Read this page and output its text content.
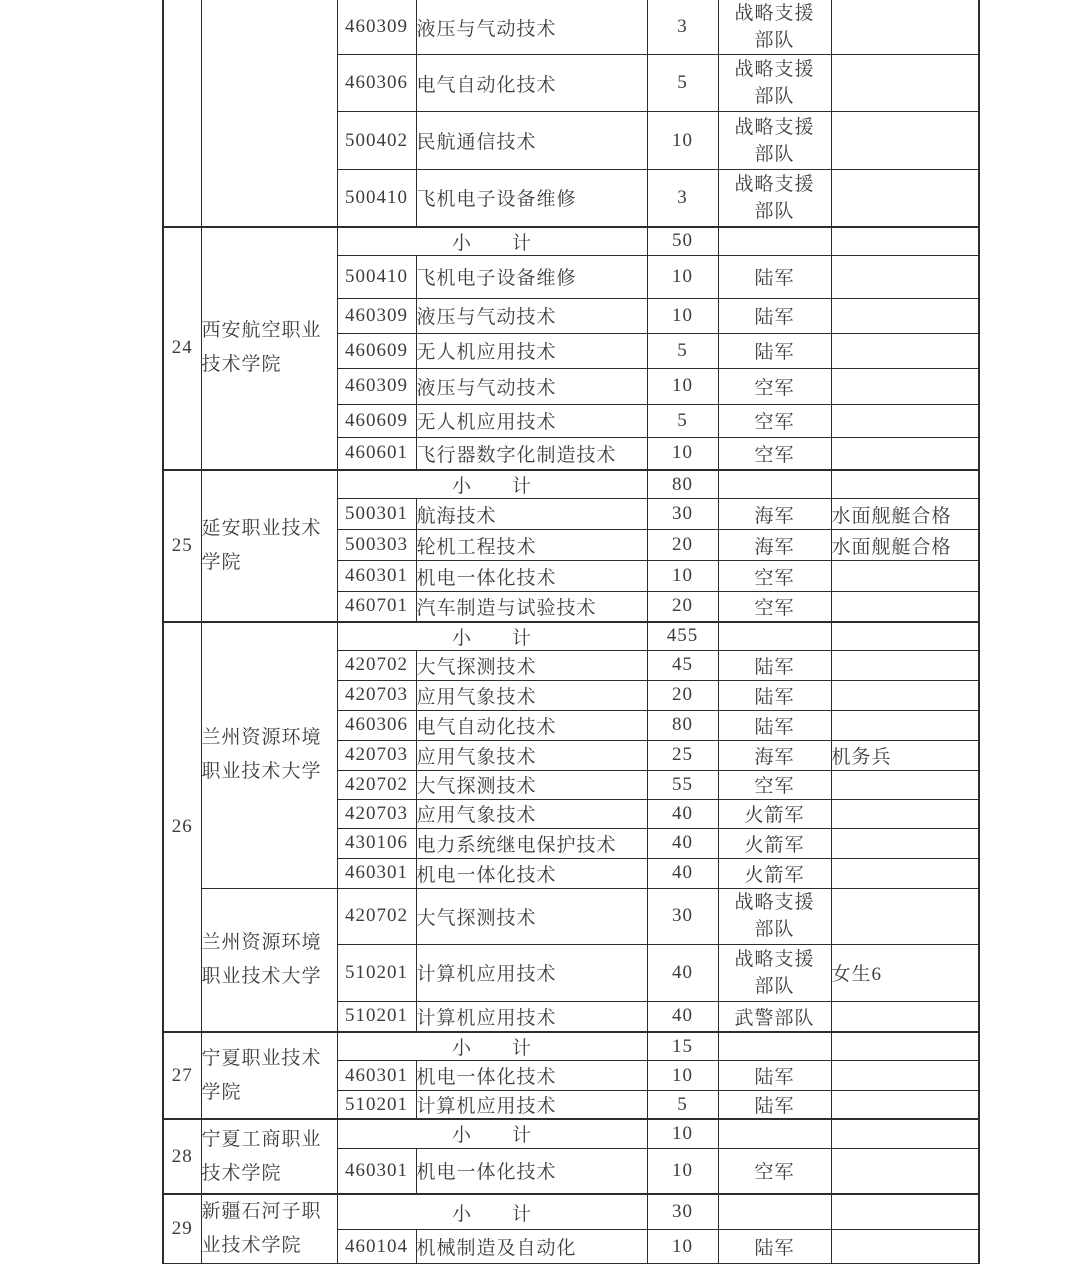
		460309	液压与气动技术	3	战略支援部队	
		460306	电气自动化技术	5	战略支援部队	
		500402	民航通信技术	10	战略支援部队	
		500410	飞机电子设备维修	3	战略支援部队	
24	西安航空职业技术学院	小　　计		50		
		500410	飞机电子设备维修	10	陆军	
		460309	液压与气动技术	10	陆军	
		460609	无人机应用技术	5	陆军	
		460309	液压与气动技术	10	空军	
		460609	无人机应用技术	5	空军	
		460601	飞行器数字化制造技术	10	空军	
25	延安职业技术学院	小　　计		80		
		500301	航海技术	30	海军	水面舰艇合格
		500303	轮机工程技术	20	海军	水面舰艇合格
		460301	机电一体化技术	10	空军	
		460701	汽车制造与试验技术	20	空军	
26	兰州资源环境职业技术大学	小　　计		455		
		420702	大气探测技术	45	陆军	
		420703	应用气象技术	20	陆军	
		460306	电气自动化技术	80	陆军	
		420703	应用气象技术	25	海军	机务兵
		420702	大气探测技术	55	空军	
		420703	应用气象技术	40	火箭军	
		430106	电力系统继电保护技术	40	火箭军	
		460301	机电一体化技术	40	火箭军	
	兰州资源环境职业技术大学	420702	大气探测技术	30	战略支援部队	
		510201	计算机应用技术	40	战略支援部队	女生6
		510201	计算机应用技术	40	武警部队	
27	宁夏职业技术学院	小　　计		15		
		460301	机电一体化技术	10	陆军	
		510201	计算机应用技术	5	陆军	
28	宁夏工商职业技术学院	小　　计		10		
		460301	机电一体化技术	10	空军	
29	新疆石河子职业技术学院	小　　计		30		
		460104	机械制造及自动化	10	陆军	
